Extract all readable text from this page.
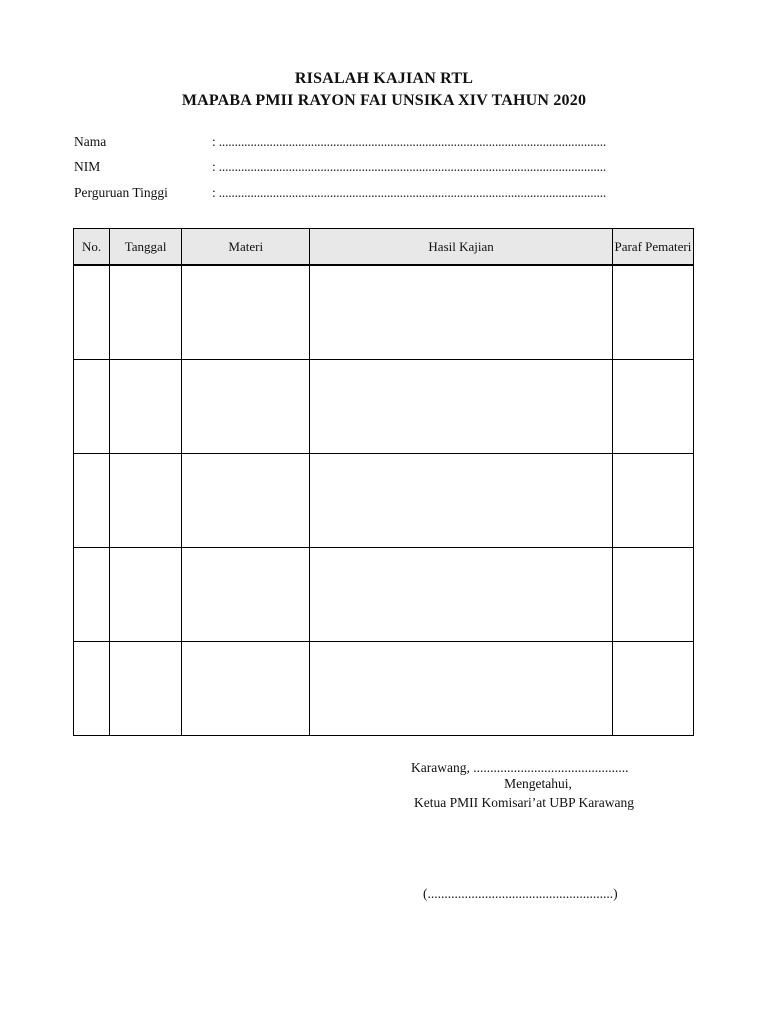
RISALAH KAJIAN RTL
MAPABA PMII RAYON FAI UNSIKA XIV TAHUN 2020
Nama	: ..........................................................................................................................
NIM	: ..........................................................................................................................
Perguruan Tinggi	: ..........................................................................................................................
No.	Tanggal	Materi	Hasil Kajian	Paraf Pemateri

Karawang, ..............................................
Mengetahui,
Ketua PMII Komisari’at UBP Karawang
(.......................................................)
